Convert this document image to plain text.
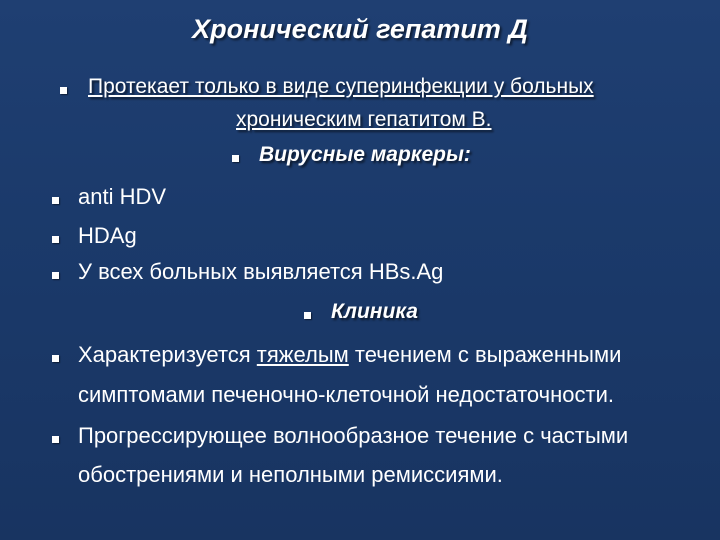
Хронический гепатит Д
Протекает только в виде суперинфекции у больных
хроническим гепатитом В.
Вирусные маркеры:
anti HDV
HDAg
У всех больных выявляется HBs.Ag
Клиника
Характеризуется тяжелым течением с выраженными
симптомами печеночно-клеточной недостаточности.
Прогрессирующее волнообразное течение с частыми
обострениями и неполными ремиссиями.
